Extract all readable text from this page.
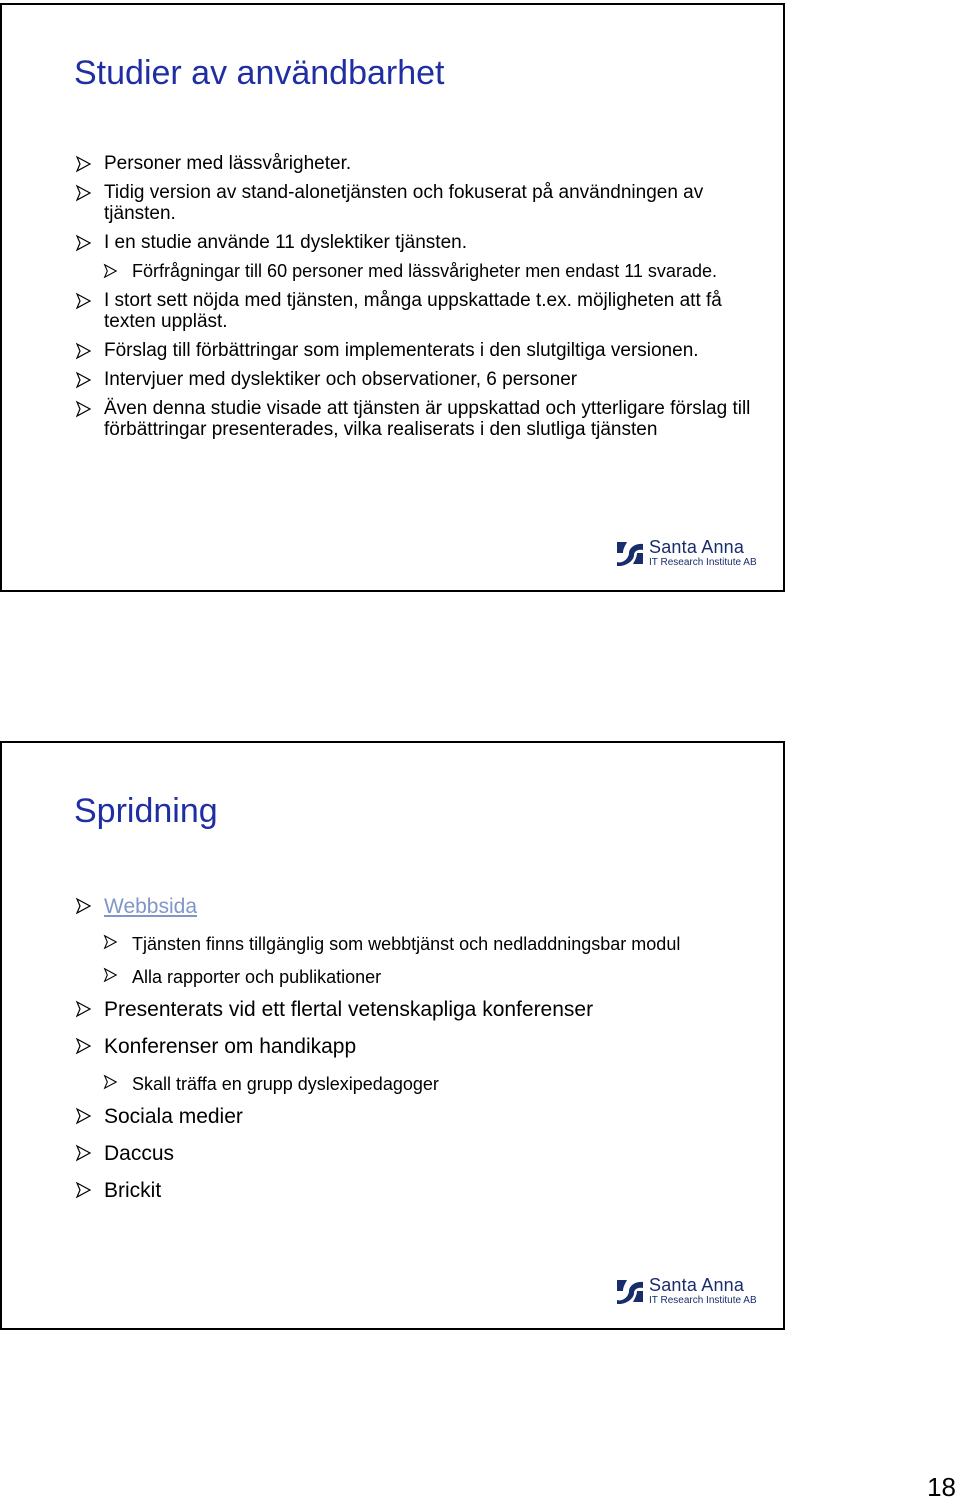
Studier av användbarhet
Personer med lässvårigheter.
Tidig version av stand-alonetjänsten och fokuserat på användningen av tjänsten.
I en studie använde 11 dyslektiker tjänsten.
Förfrågningar till 60 personer med lässvårigheter men endast 11 svarade.
I stort sett nöjda med tjänsten, många uppskattade t.ex. möjligheten att få texten uppläst.
Förslag till förbättringar som implementerats i den slutgiltiga versionen.
Intervjuer med dyslektiker och observationer, 6 personer
Även denna studie visade att tjänsten är uppskattad och ytterligare förslag till förbättringar presenterades, vilka realiserats i den slutliga tjänsten
Santa Anna
IT Research Institute AB
Spridning
Webbsida
Tjänsten finns tillgänglig som webbtjänst och nedladdningsbar modul
Alla rapporter och publikationer
Presenterats vid ett flertal vetenskapliga konferenser
Konferenser om handikapp
Skall träffa en grupp dyslexipedagoger
Sociala medier
Daccus
Brickit
Santa Anna
IT Research Institute AB
18
